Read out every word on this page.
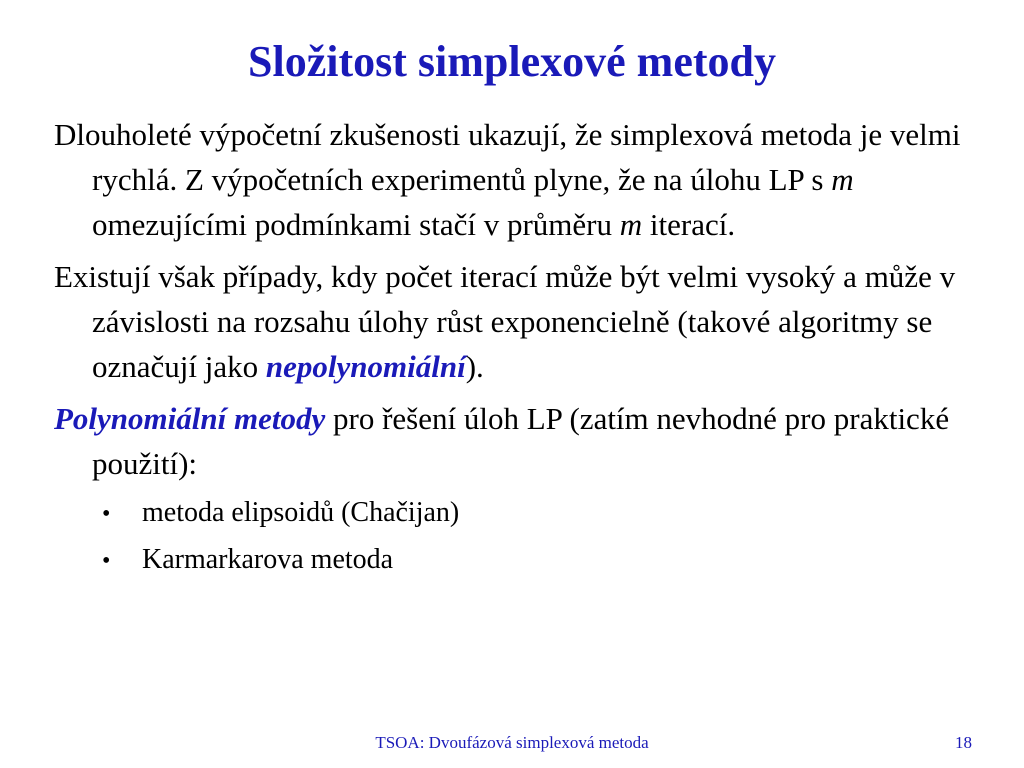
Složitost simplexové metody

Dlouholeté výpočetní zkušenosti ukazují, že simplexová metoda je velmi rychlá. Z výpočetních experimentů plyne, že na úlohu LP s m omezujícími podmínkami stačí v průměru m iterací.

Existují však případy, kdy počet iterací může být velmi vysoký a může v závislosti na rozsahu úlohy růst exponencielně (takové algoritmy se označují jako nepolynomiální).

Polynomiální metody pro řešení úloh LP (zatím nevhodné pro praktické použití):

•	metoda elipsoidů (Chačijan)
•	Karmarkarova metoda
TSOA: Dvoufázová simplexová metoda	18
